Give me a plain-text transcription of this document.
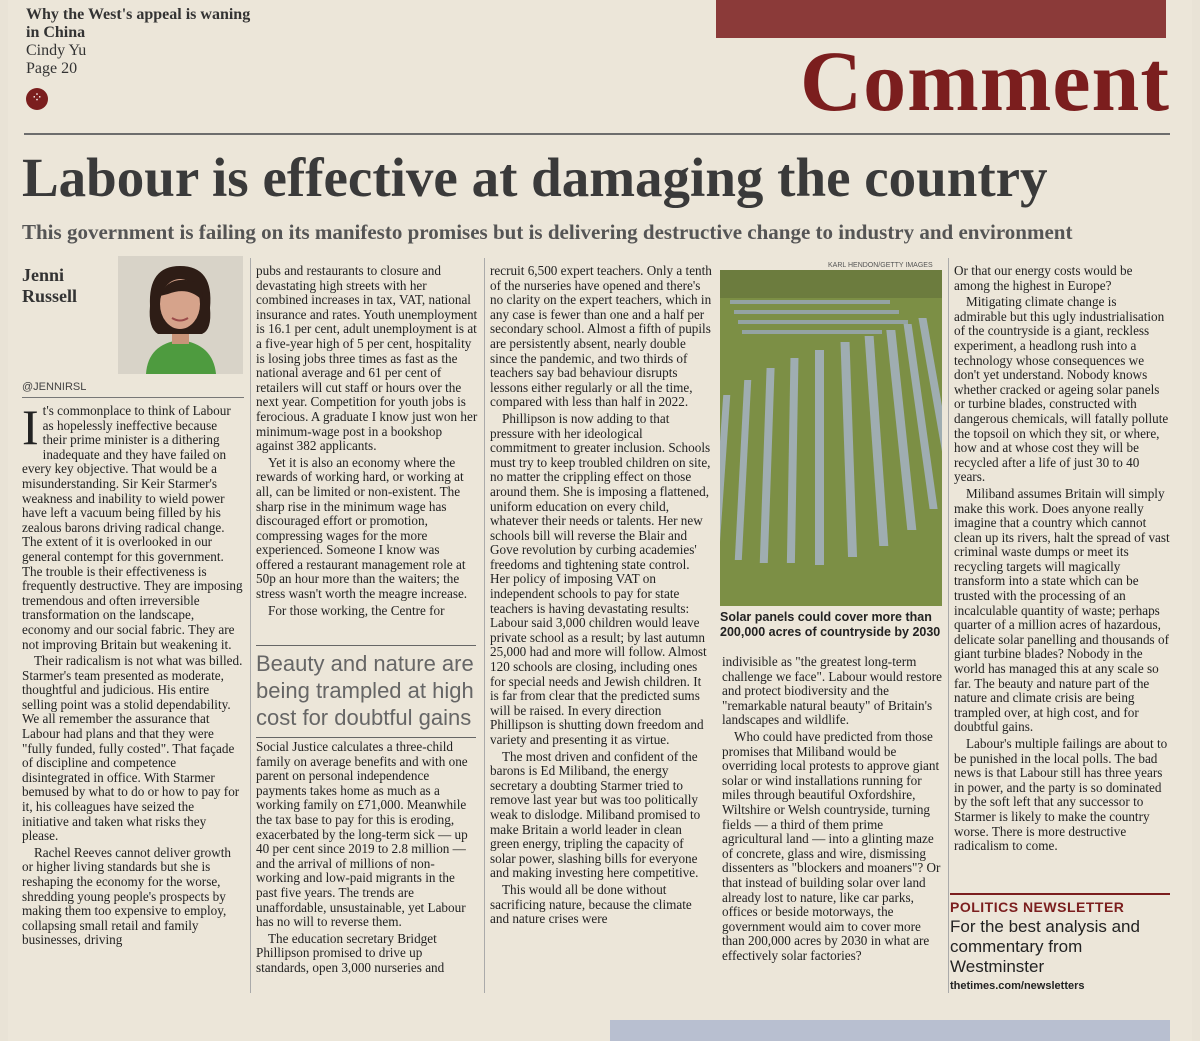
Why the West's appeal is waning in China
Cindy Yu
Page 20
⁘	Comment
Labour is effective at damaging the country
This government is failing on its manifesto promises but is delivering destructive change to industry and environment
Jenni
Russell
@JENNIRSL

It's commonplace to think of Labour as hopelessly ineffective because their prime minister is a dithering inadequate and they have failed on every key objective. That would be a misunderstanding. Sir Keir Starmer's weakness and inability to wield power have left a vacuum being filled by his zealous barons driving radical change. The extent of it is overlooked in our general contempt for this government. The trouble is their effectiveness is frequently destructive. They are imposing tremendous and often irreversible transformation on the landscape, economy and our social fabric. They are not improving Britain but weakening it.

Their radicalism is not what was billed. Starmer's team presented as moderate, thoughtful and judicious. His entire selling point was a stolid dependability. We all remember the assurance that Labour had plans and that they were "fully funded, fully costed". That façade of discipline and competence disintegrated in office. With Starmer bemused by what to do or how to pay for it, his colleagues have seized the initiative and taken what risks they please.

Rachel Reeves cannot deliver growth or higher living standards but she is reshaping the economy for the worse, shredding young people's prospects by making them too expensive to employ, collapsing small retail and family businesses, driving

pubs and restaurants to closure and devastating high streets with her combined increases in tax, VAT, national insurance and rates. Youth unemployment is 16.1 per cent, adult unemployment is at a five-year high of 5 per cent, hospitality is losing jobs three times as fast as the national average and 61 per cent of retailers will cut staff or hours over the next year. Competition for youth jobs is ferocious. A graduate I know just won her minimum-wage post in a bookshop against 382 applicants.

Yet it is also an economy where the rewards of working hard, or working at all, can be limited or non-existent. The sharp rise in the minimum wage has discouraged effort or promotion, compressing wages for the more experienced. Someone I know was offered a restaurant management role at 50p an hour more than the waiters; the stress wasn't worth the meagre increase.

For those working, the Centre for

Beauty and nature are being trampled at high cost for doubtful gains

Social Justice calculates a three-child family on average benefits and with one parent on personal independence payments takes home as much as a working family on £71,000. Meanwhile the tax base to pay for this is eroding, exacerbated by the long-term sick — up 40 per cent since 2019 to 2.8 million — and the arrival of millions of non-working and low-paid migrants in the past five years. The trends are unaffordable, unsustainable, yet Labour has no will to reverse them.

The education secretary Bridget Phillipson promised to drive up standards, open 3,000 nurseries and

recruit 6,500 expert teachers. Only a tenth of the nurseries have opened and there's no clarity on the expert teachers, which in any case is fewer than one and a half per secondary school. Almost a fifth of pupils are persistently absent, nearly double since the pandemic, and two thirds of teachers say bad behaviour disrupts lessons either regularly or all the time, compared with less than half in 2022.

Phillipson is now adding to that pressure with her ideological commitment to greater inclusion. Schools must try to keep troubled children on site, no matter the crippling effect on those around them. She is imposing a flattened, uniform education on every child, whatever their needs or talents. Her new schools bill will reverse the Blair and Gove revolution by curbing academies' freedoms and tightening state control. Her policy of imposing VAT on independent schools to pay for state teachers is having devastating results: Labour said 3,000 children would leave private school as a result; by last autumn 25,000 had and more will follow. Almost 120 schools are closing, including ones for special needs and Jewish children. It is far from clear that the predicted sums will be raised. In every direction Phillipson is shutting down freedom and variety and presenting it as virtue.

The most driven and confident of the barons is Ed Miliband, the energy secretary a doubting Starmer tried to remove last year but was too politically weak to dislodge. Miliband promised to make Britain a world leader in clean green energy, tripling the capacity of solar power, slashing bills for everyone and making investing here competitive.

This would all be done without sacrificing nature, because the climate and nature crises were

KARL HENDON/GETTY IMAGES
Solar panels could cover more than 200,000 acres of countryside by 2030

indivisible as "the greatest long-term challenge we face". Labour would restore and protect biodiversity and the "remarkable natural beauty" of Britain's landscapes and wildlife.

Who could have predicted from those promises that Miliband would be overriding local protests to approve giant solar or wind installations running for miles through beautiful Oxfordshire, Wiltshire or Welsh countryside, turning fields — a third of them prime agricultural land — into a glinting maze of concrete, glass and wire, dismissing dissenters as "blockers and moaners"? Or that instead of building solar over land already lost to nature, like car parks, offices or beside motorways, the government would aim to cover more than 200,000 acres by 2030 in what are effectively solar factories?

Or that our energy costs would be among the highest in Europe?

Mitigating climate change is admirable but this ugly industrialisation of the countryside is a giant, reckless experiment, a headlong rush into a technology whose consequences we don't yet understand. Nobody knows whether cracked or ageing solar panels or turbine blades, constructed with dangerous chemicals, will fatally pollute the topsoil on which they sit, or where, how and at whose cost they will be recycled after a life of just 30 to 40 years.

Miliband assumes Britain will simply make this work. Does anyone really imagine that a country which cannot clean up its rivers, halt the spread of vast criminal waste dumps or meet its recycling targets will magically transform into a state which can be trusted with the processing of an incalculable quantity of waste; perhaps quarter of a million acres of hazardous, delicate solar panelling and thousands of giant turbine blades? Nobody in the world has managed this at any scale so far. The beauty and nature part of the nature and climate crisis are being trampled over, at high cost, and for doubtful gains.

Labour's multiple failings are about to be punished in the local polls. The bad news is that Labour still has three years in power, and the party is so dominated by the soft left that any successor to Starmer is likely to make the country worse. There is more destructive radicalism to come.

POLITICS NEWSLETTER
For the best analysis and commentary from Westminster
thetimes.com/newsletters
